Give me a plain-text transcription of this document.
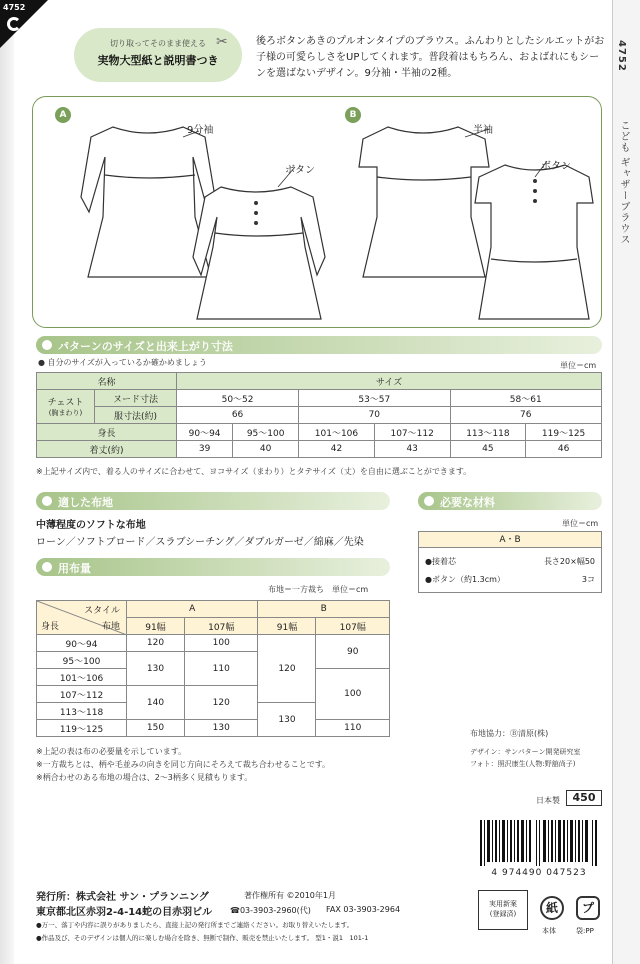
4752
切り取ってそのまま使える
実物大型紙と説明書つき
✂	後ろボタンあきのプルオンタイプのブラウス。ふんわりとしたシルエットがお子様の可愛らしさをUPしてくれます。普段着はもちろん、およばれにもシーンを選ばないデザイン。9分袖・半袖の2種。
4752
こども ギャザーブラウス
A	B
9分袖
ボタン
半袖
ボタン
パターンのサイズと出来上がり寸法
● 自分のサイズが入っているか確かめましょう	単位＝cm
名称		サイズ					
チェスト
(胸まわり)	ヌード寸法	50〜52		53〜57		58〜61	
	服寸法(約)	66		70		76	
身長		90〜94	95〜100	101〜106	107〜112	113〜118	119〜125
着丈(約)		39	40	42	43	45	46
※上記サイズ内で、着る人のサイズに合わせて、ヨコサイズ（まわり）とタテサイズ（丈）を自由に選ぶことができます。
適した布地
中薄程度のソフトな布地
ローン／ソフトブロード／スラブシーチング／ダブルガーゼ／綿麻／先染
用布量
布地＝一方裁ち　単位＝cm
スタイル
身長 布地	A		B	
	91幅	107幅	91幅	107幅
90〜94	120	100	120	90
95〜100	130	110		
101〜106				100
107〜112	140	120		
113〜118			130	
119〜125	150	130		110
※上記の表は布の必要量を示しています。
※一方裁ちとは、柄や毛並みの向きを同じ方向にそろえて裁ち合わせることです。
※柄合わせのある布地の場合は、2〜3柄多く見積もります。
必要な材料
単位＝cm
A・B
●接着芯	長さ20×幅50
●ボタン（約1.3cm）	3コ
布地協力：Ⓑ清原(株)
デザイン：サンパターン開発研究室
フォト：照沢康生(人物:野舘尚子)
日本製	450
4 974490 047523
発行所：株式会社 サン・プランニング	著作権所有 ©2010年1月
東京都北区赤羽2-4-14蛇の目赤羽ビル ☎03-3903-2960(代) FAX 03-3903-2964
●万一、落丁や内容に誤りがありましたら、直接上記の発行所までご連絡ください。お取り替えいたします。
●作品及び、そのデザインは個人的に楽しむ場合を除き、無断で制作、販売を禁止いたします。 型1・説1　101-1
実用新案
(登録済)	紙	プ
本体	袋:PP
